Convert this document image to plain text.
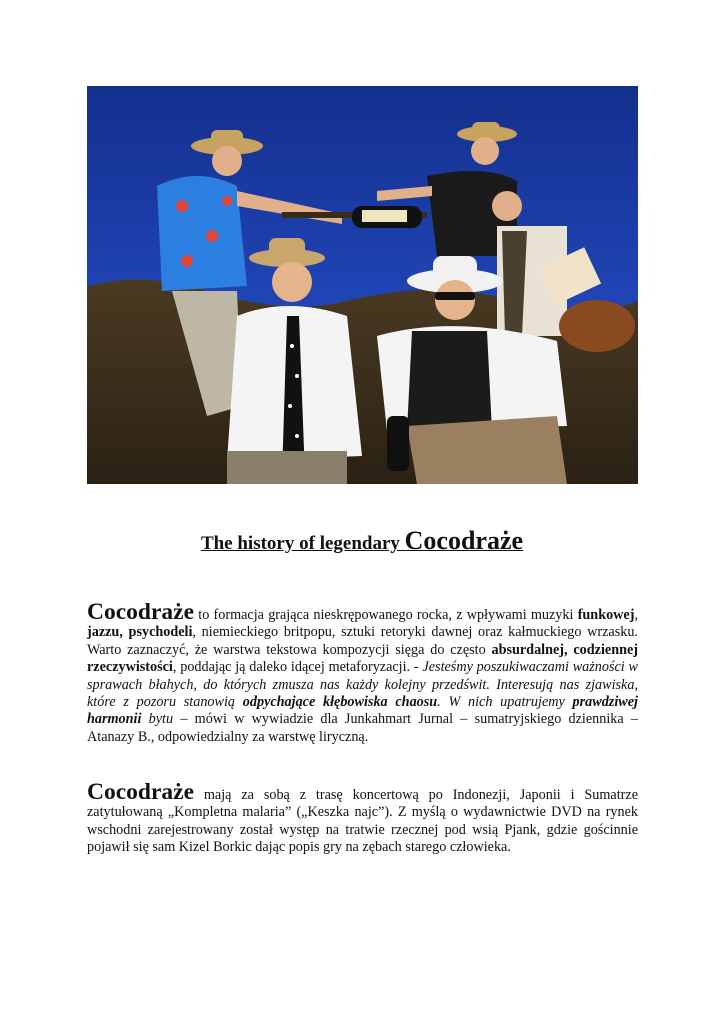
The history of legendary Cocodraże
Cocodraże to formacja grająca nieskrępowanego rocka, z wpływami muzyki funkowej, jazzu, psychodeli, niemieckiego britpopu, sztuki retoryki dawnej oraz kałmuckiego wrzasku. Warto zaznaczyć, że warstwa tekstowa kompozycji sięga do często absurdalnej, codziennej rzeczywistości, poddając ją daleko idącej metaforyzacji. - Jesteśmy poszukiwaczami ważności w sprawach błahych, do których zmusza nas każdy kolejny przedświt. Interesują nas zjawiska, które z pozoru stanowią odpychające kłębowiska chaosu. W nich upatrujemy prawdziwej harmonii bytu – mówi w wywiadzie dla Junkahmart Jurnal – sumatryjskiego dziennika – Atanazy B., odpowiedzialny za warstwę liryczną.
Cocodraże mają za sobą z trasę koncertową po Indonezji, Japonii i Sumatrze zatytułowaną „Kompletna malaria” („Keszka najc”). Z myślą o wydawnictwie DVD na rynek wschodni zarejestrowany został występ na tratwie rzecznej pod wsią Pjank, gdzie gościnnie pojawił się sam Kizel Borkic dając popis gry na zębach starego człowieka.
